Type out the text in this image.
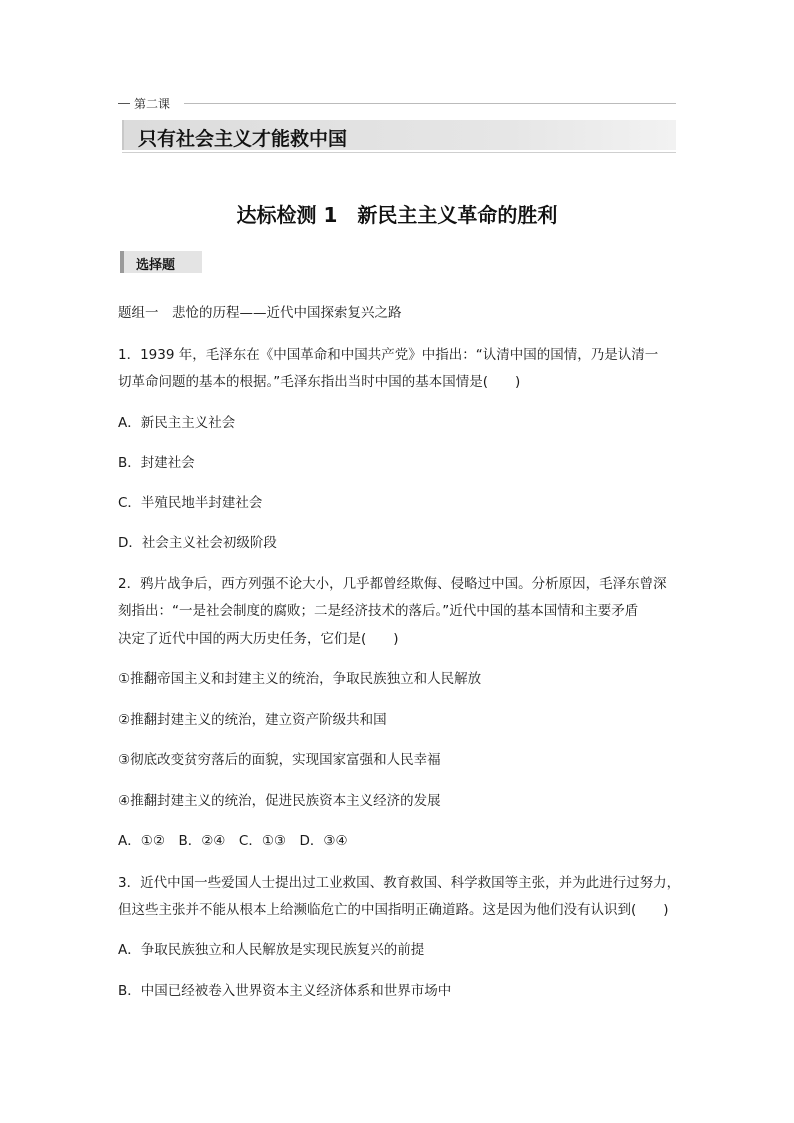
第二课
只有社会主义才能救中国
达标检测 1　新民主主义革命的胜利
选择题
题组一　悲怆的历程——近代中国探索复兴之路
1．1939 年，毛泽东在《中国革命和中国共产党》中指出：“认清中国的国情，乃是认清一
切革命问题的基本的根据。”毛泽东指出当时中国的基本国情是(　　)
A．新民主主义社会
B．封建社会
C．半殖民地半封建社会
D．社会主义社会初级阶段
2．鸦片战争后，西方列强不论大小，几乎都曾经欺侮、侵略过中国。分析原因，毛泽东曾深
刻指出：“一是社会制度的腐败；二是经济技术的落后。”近代中国的基本国情和主要矛盾
决定了近代中国的两大历史任务，它们是(　　)
①推翻帝国主义和封建主义的统治，争取民族独立和人民解放
②推翻封建主义的统治，建立资产阶级共和国
③彻底改变贫穷落后的面貌，实现国家富强和人民幸福
④推翻封建主义的统治，促进民族资本主义经济的发展
A．①②　B．②④　C．①③　D．③④
3．近代中国一些爱国人士提出过工业救国、教育救国、科学救国等主张，并为此进行过努力，
但这些主张并不能从根本上给濒临危亡的中国指明正确道路。这是因为他们没有认识到(　　)
A．争取民族独立和人民解放是实现民族复兴的前提
B．中国已经被卷入世界资本主义经济体系和世界市场中
